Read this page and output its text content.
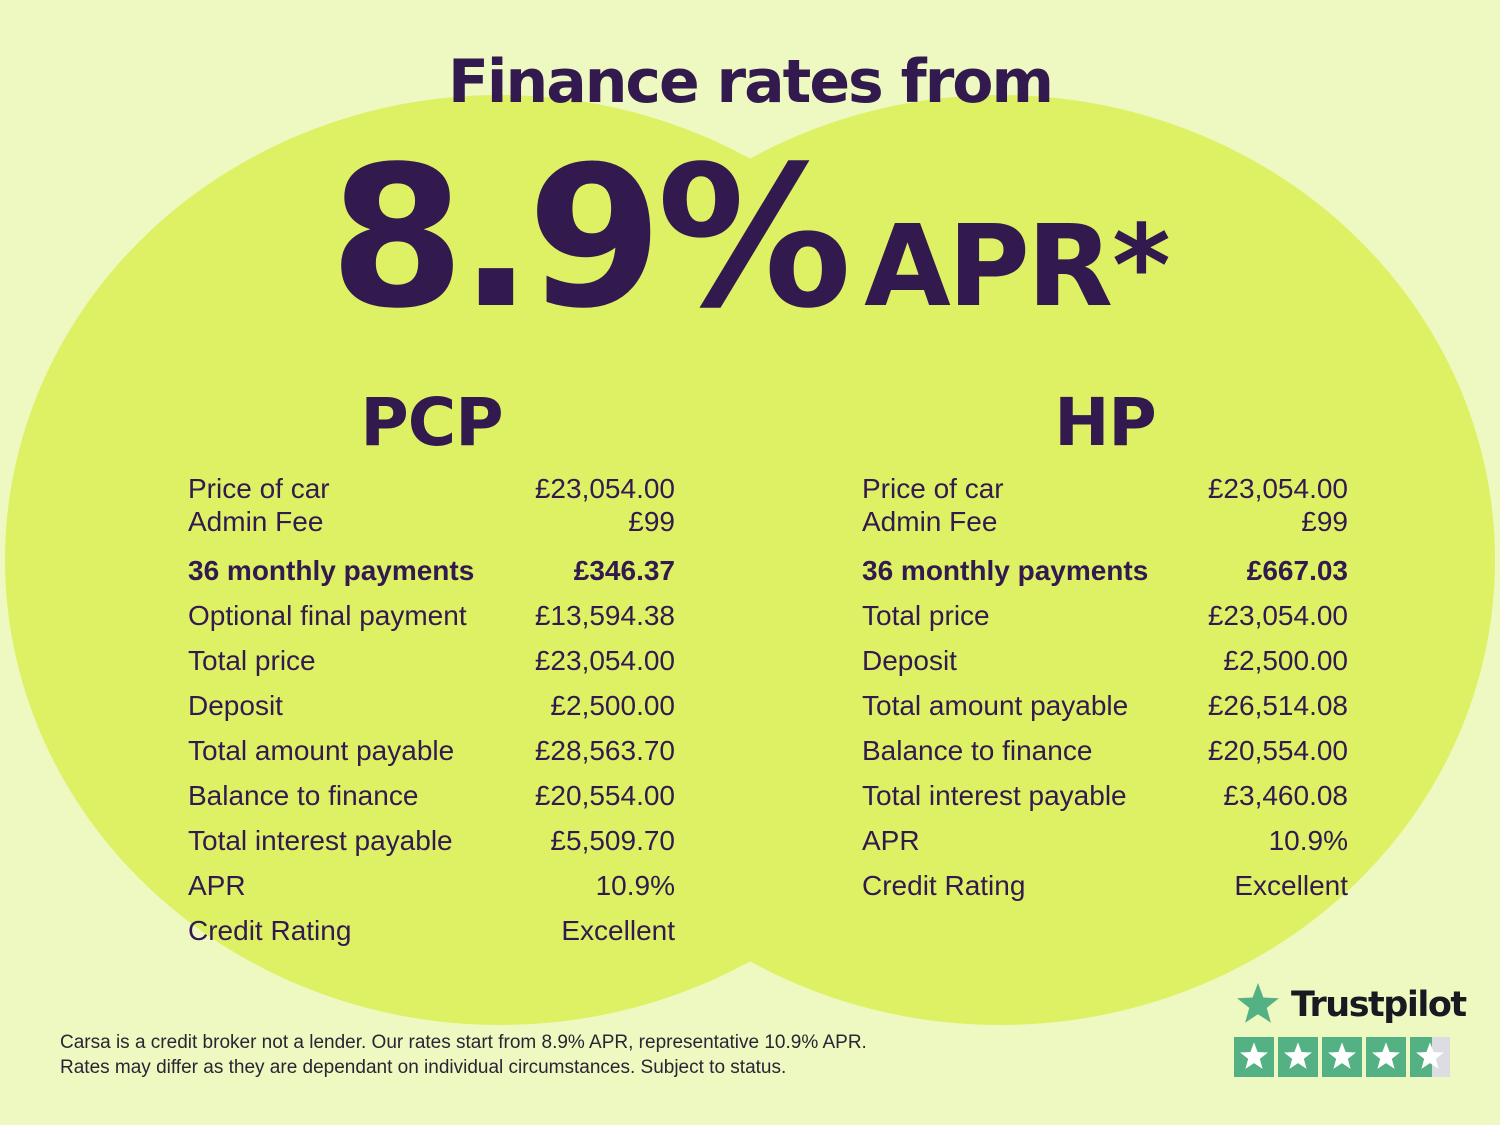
Finance rates from
8.9% APR *
PCP
Price of car	£23,054.00
Admin Fee	£99
36 monthly payments	£346.37
Optional final payment £13,594.38
Total price	£23,054.00
Deposit	£2,500.00
Total amount payable	£28,563.70
Balance to finance	£20,554.00
Total interest payable	£5,509.70
APR	10.9%
Credit Rating	Excellent
HP
Price of car	£23,054.00
Admin Fee	£99
36 monthly payments	£667.03
Total price	£23,054.00
Deposit	£2,500.00
Total amount payable	£26,514.08
Balance to finance	£20,554.00
Total interest payable	£3,460.08
APR	10.9%
Credit Rating	Excellent
Carsa is a credit broker not a lender. Our rates start from 8.9% APR, representative 10.9% APR.
Rates may differ as they are dependant on individual circumstances. Subject to status.
Trustpilot
